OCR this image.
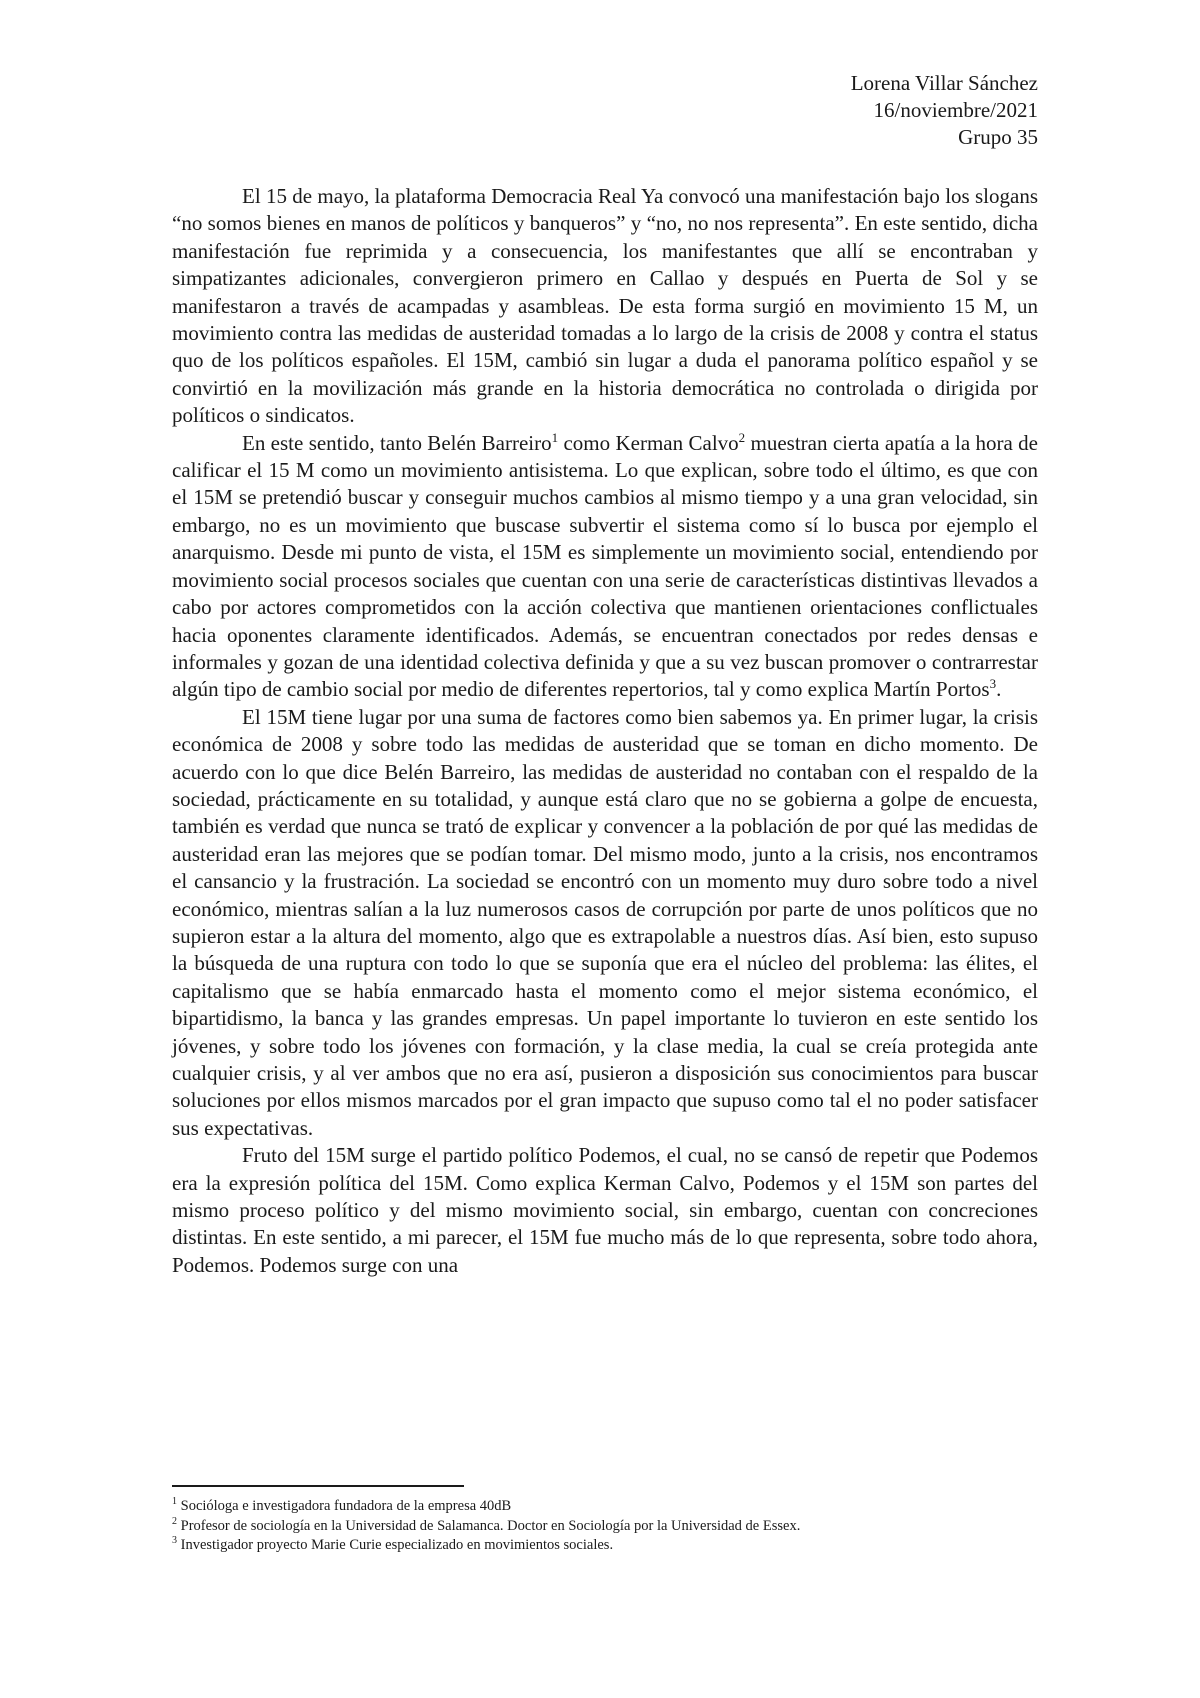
Lorena Villar Sánchez
16/noviembre/2021
Grupo 35

El 15 de mayo, la plataforma Democracia Real Ya convocó una manifestación bajo los slogans “no somos bienes en manos de políticos y banqueros” y “no, no nos representa”. En este sentido, dicha manifestación fue reprimida y a consecuencia, los manifestantes que allí se encontraban y simpatizantes adicionales, convergieron primero en Callao y después en Puerta de Sol y se manifestaron a través de acampadas y asambleas. De esta forma surgió en movimiento 15 M, un movimiento contra las medidas de austeridad tomadas a lo largo de la crisis de 2008 y contra el status quo de los políticos españoles. El 15M, cambió sin lugar a duda el panorama político español y se convirtió en la movilización más grande en la historia democrática no controlada o dirigida por políticos o sindicatos.

En este sentido, tanto Belén Barreiro$^1$ como Kerman Calvo$^2$ muestran cierta apatía a la hora de calificar el 15 M como un movimiento antisistema. Lo que explican, sobre todo el último, es que con el 15M se pretendió buscar y conseguir muchos cambios al mismo tiempo y a una gran velocidad, sin embargo, no es un movimiento que buscase subvertir el sistema como sí lo busca por ejemplo el anarquismo. Desde mi punto de vista, el 15M es simplemente un movimiento social, entendiendo por movimiento social procesos sociales que cuentan con una serie de características distintivas llevados a cabo por actores comprometidos con la acción colectiva que mantienen orientaciones conflictuales hacia oponentes claramente identificados. Además, se encuentran conectados por redes densas e informales y gozan de una identidad colectiva definida y que a su vez buscan promover o contrarrestar algún tipo de cambio social por medio de diferentes repertorios, tal y como explica Martín Portos$^3$.

El 15M tiene lugar por una suma de factores como bien sabemos ya. En primer lugar, la crisis económica de 2008 y sobre todo las medidas de austeridad que se toman en dicho momento. De acuerdo con lo que dice Belén Barreiro, las medidas de austeridad no contaban con el respaldo de la sociedad, prácticamente en su totalidad, y aunque está claro que no se gobierna a golpe de encuesta, también es verdad que nunca se trató de explicar y convencer a la población de por qué las medidas de austeridad eran las mejores que se podían tomar. Del mismo modo, junto a la crisis, nos encontramos el cansancio y la frustración. La sociedad se encontró con un momento muy duro sobre todo a nivel económico, mientras salían a la luz numerosos casos de corrupción por parte de unos políticos que no supieron estar a la altura del momento, algo que es extrapolable a nuestros días. Así bien, esto supuso la búsqueda de una ruptura con todo lo que se suponía que era el núcleo del problema: las élites, el capitalismo que se había enmarcado hasta el momento como el mejor sistema económico, el bipartidismo, la banca y las grandes empresas. Un papel importante lo tuvieron en este sentido los jóvenes, y sobre todo los jóvenes con formación, y la clase media, la cual se creía protegida ante cualquier crisis, y al ver ambos que no era así, pusieron a disposición sus conocimientos para buscar soluciones por ellos mismos marcados por el gran impacto que supuso como tal el no poder satisfacer sus expectativas.

Fruto del 15M surge el partido político Podemos, el cual, no se cansó de repetir que Podemos era la expresión política del 15M. Como explica Kerman Calvo, Podemos y el 15M son partes del mismo proceso político y del mismo movimiento social, sin embargo, cuentan con concreciones distintas. En este sentido, a mi parecer, el 15M fue mucho más de lo que representa, sobre todo ahora, Podemos. Podemos surge con una

$^1$ Socióloga e investigadora fundadora de la empresa 40dB
$^2$ Profesor de sociología en la Universidad de Salamanca. Doctor en Sociología por la Universidad de Essex.
$^3$ Investigador proyecto Marie Curie especializado en movimientos sociales.
